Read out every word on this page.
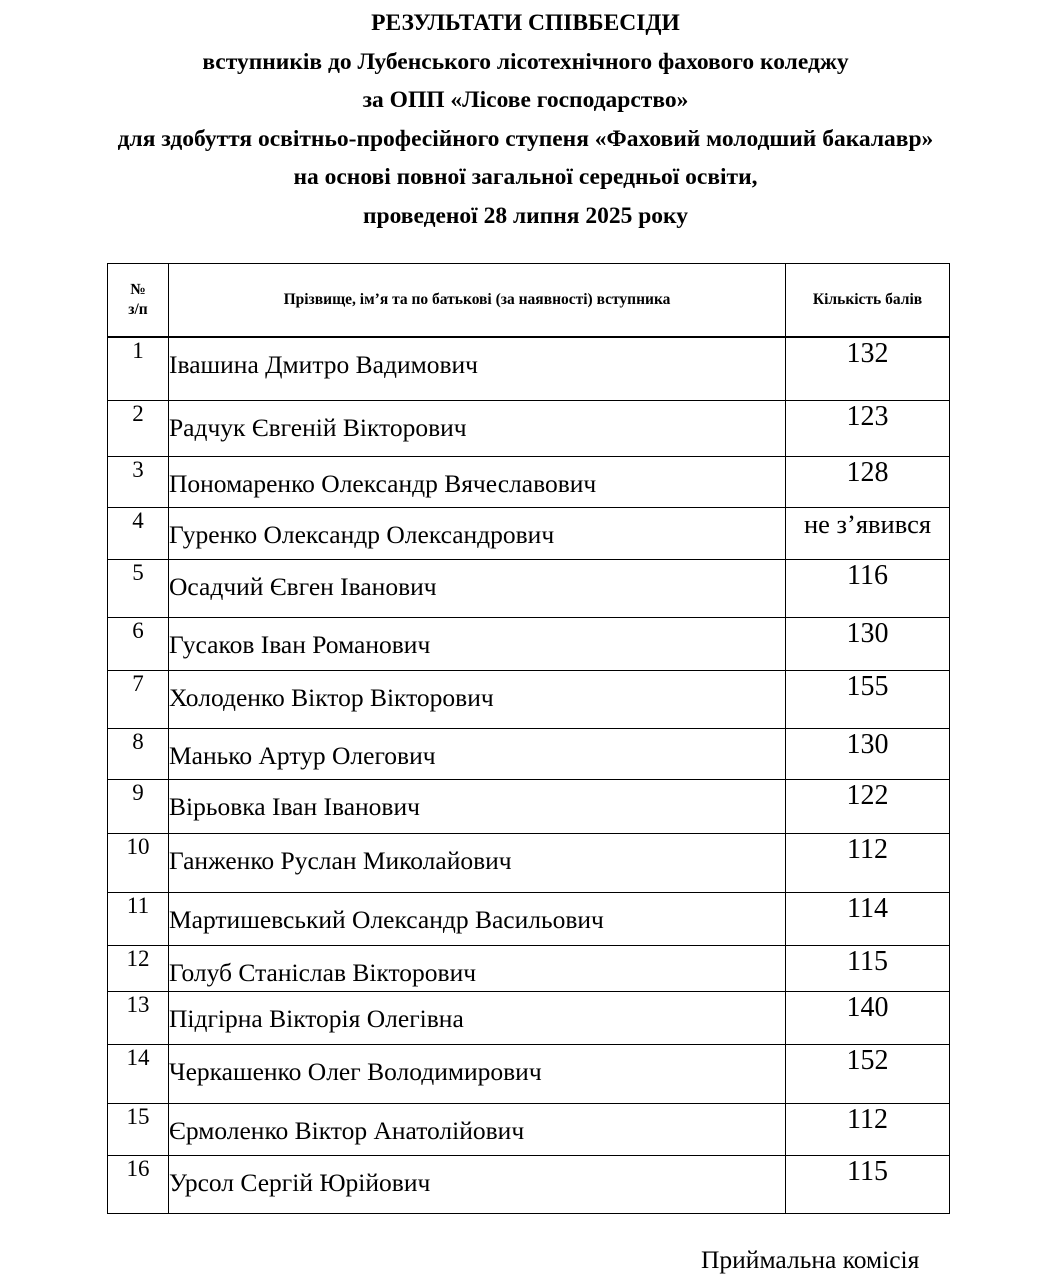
РЕЗУЛЬТАТИ СПІВБЕСІДИ
вступників до Лубенського лісотехнічного фахового коледжу
за ОПП «Лісове господарство»
для здобуття освітньо-професійного ступеня «Фаховий молодший бакалавр»
на основі повної загальної середньої освіти,
проведеної 28 липня 2025 року
№
з/п	Прізвище, ім’я та по батькові (за наявності) вступника	Кількість балів
1	Івашина Дмитро Вадимович	132
2	Радчук Євгеній Вікторович	123
3	Пономаренко Олександр Вячеславович	128
4	Гуренко Олександр Олександрович	не з’явився
5	Осадчий Євген Іванович	116
6	Гусаков Іван Романович	130
7	Холоденко Віктор Вікторович	155
8	Манько Артур Олегович	130
9	Вірьовка Іван Іванович	122
10	Ганженко Руслан Миколайович	112
11	Мартишевський Олександр Васильович	114
12	Голуб Станіслав Вікторович	115
13	Підгірна Вікторія Олегівна	140
14	Черкашенко Олег Володимирович	152
15	Єрмоленко Віктор Анатолійович	112
16	Урсол Сергій Юрійович	115
Приймальна комісія
